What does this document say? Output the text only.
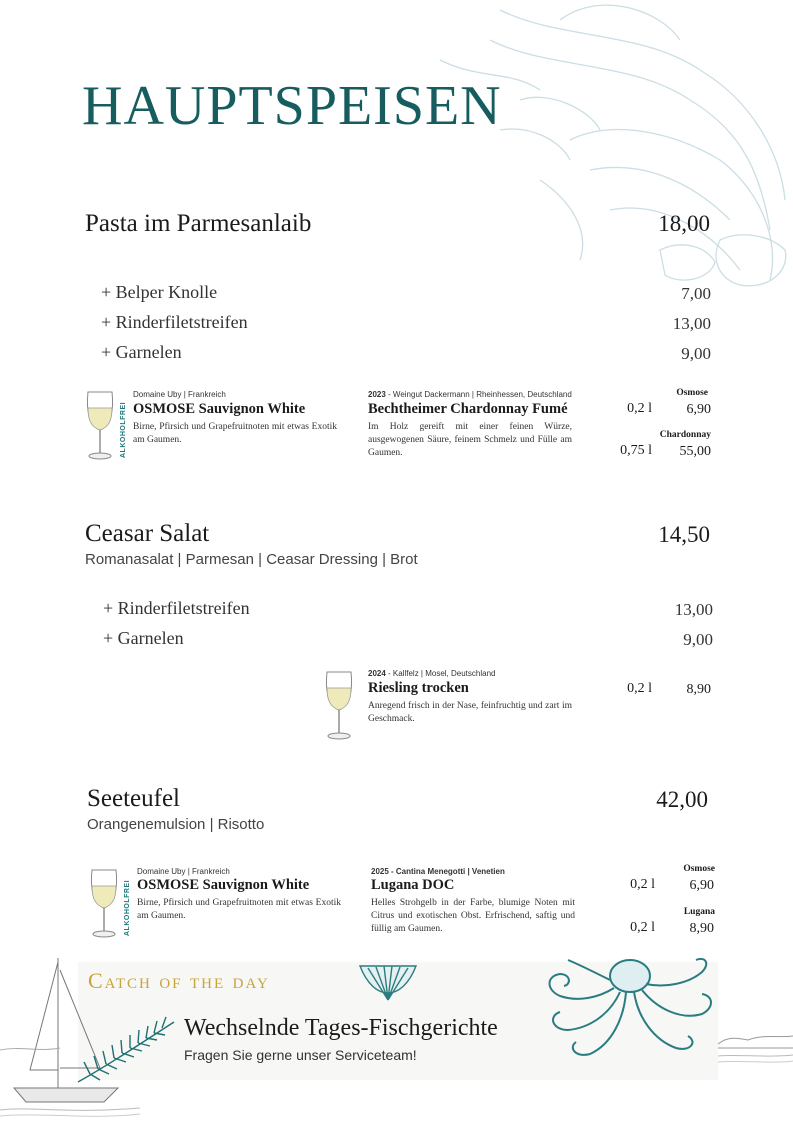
HAUPTSPEISEN
Pasta im Parmesanlaib	18,00
+ Belper Knolle	7,00
+ Rinderfiletstreifen	13,00
+ Garnelen	9,00
ALKOHOLFREI
Domaine Uby | Frankreich
OSMOSE Sauvignon White
Birne, Pfirsich und Grapefruitnoten mit etwas Exotik am Gaumen.
2023 - Weingut Dackermann | Rheinhessen, Deutschland
Bechtheimer Chardonnay Fumé
Im Holz gereift mit einer feinen Würze, ausgewogenen Säure, feinem Schmelz und Fülle am Gaumen.
Osmose
0,2 l	6,90
Chardonnay
0,75 l	55,00
Ceasar Salat	14,50
Romanasalat | Parmesan | Ceasar Dressing | Brot
+ Rinderfiletstreifen	13,00
+ Garnelen	9,00
2024 - Kallfelz | Mosel, Deutschland
Riesling trocken
Anregend frisch in der Nase, feinfruchtig und zart im Geschmack.
0,2 l	8,90
Seeteufel	42,00
Orangenemulsion | Risotto
ALKOHOLFREI
Domaine Uby | Frankreich
OSMOSE Sauvignon White
Birne, Pfirsich und Grapefruitnoten mit etwas Exotik am Gaumen.
2025 - Cantina Menegotti | Venetien
Lugana DOC
Helles Strohgelb in der Farbe, blumige Noten mit Citrus und exotischen Obst. Erfrischend, saftig und füllig am Gaumen.
Osmose
0,2 l	6,90
Lugana
0,2 l	8,90
Catch of the day
Wechselnde Tages-Fischgerichte
Fragen Sie gerne unser Serviceteam!
